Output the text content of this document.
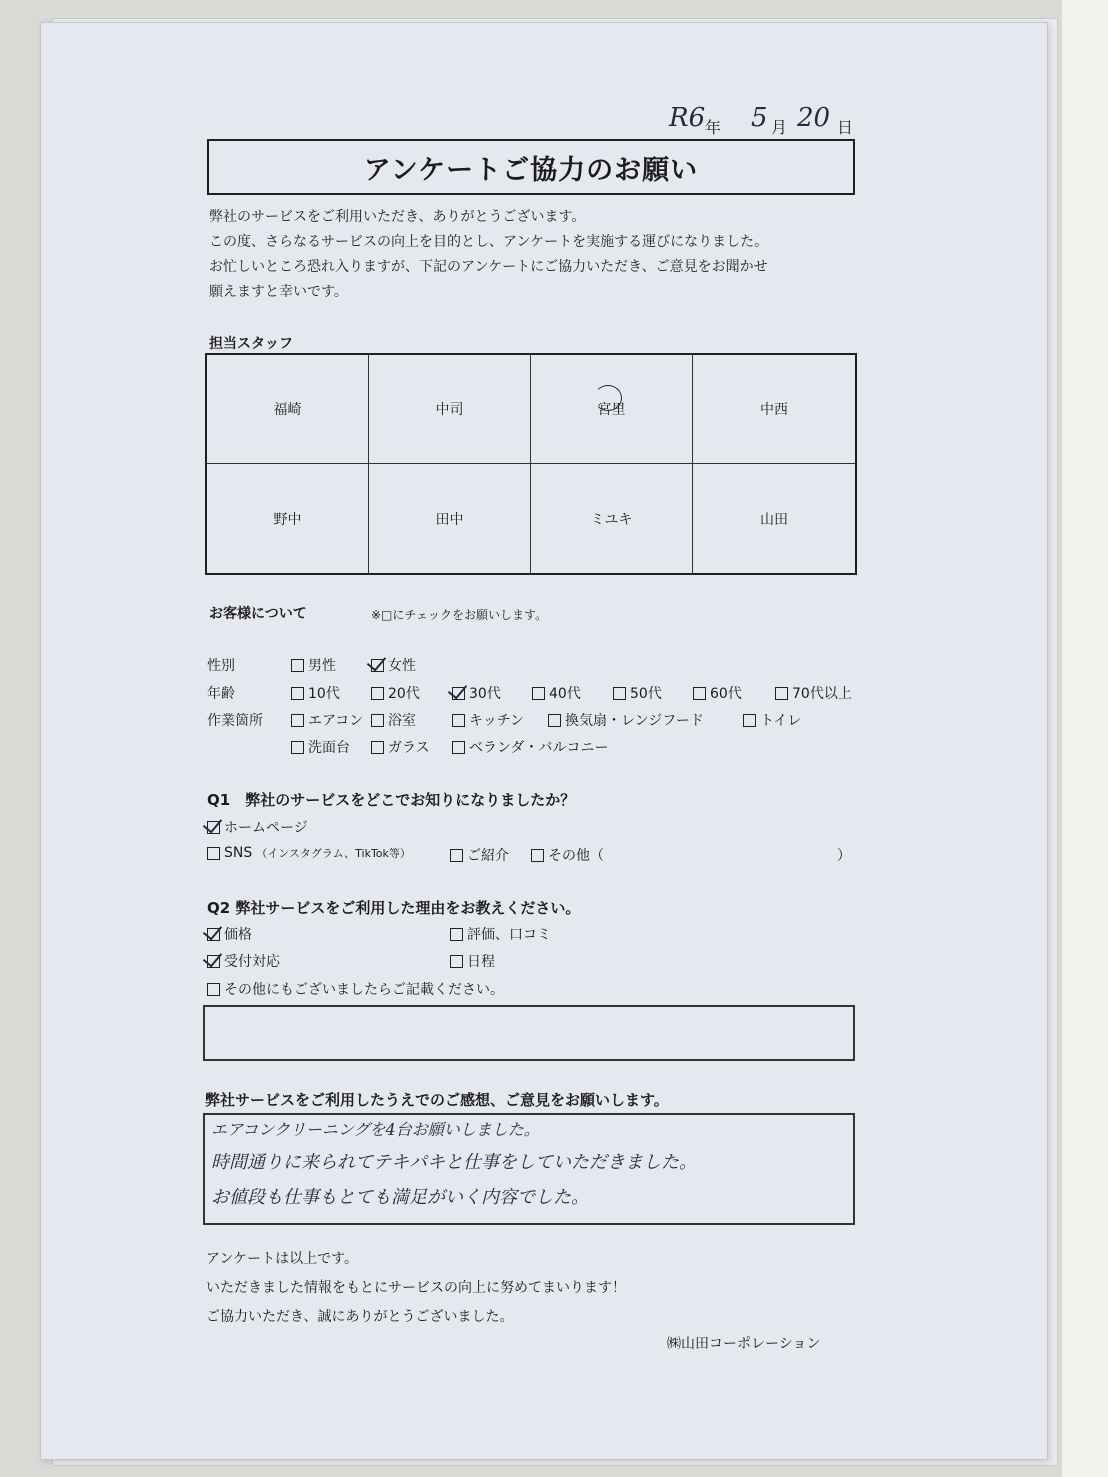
R6 年 5 月 20 日
アンケートご協力のお願い
弊社のサービスをご利用いただき、ありがとうございます。
この度、さらなるサービスの向上を目的とし、アンケートを実施する運びになりました。
お忙しいところ恐れ入りますが、下記のアンケートにご協力いただき、ご意見をお聞かせ
願えますと幸いです。
担当スタッフ
福崎	中司	宮里	中西
野中	田中	ミユキ	山田
お客様について	※□にチェックをお願いします。
性別	男性	女性
年齢	10代	20代	30代	40代	50代	60代	70代以上
作業箇所	エアコン 浴室	キッチン	換気扇・レンジフード	トイレ
洗面台	ガラス	ベランダ・バルコニー
Q1　弊社のサービスをどこでお知りになりましたか？
ホームページ
SNS （インスタグラム、TikTok等）	ご紹介	その他（	）
Q2 弊社サービスをご利用した理由をお教えください。
価格	評価、口コミ
受付対応	日程
その他にもございましたらご記載ください。
弊社サービスをご利用したうえでのご感想、ご意見をお願いします。
エアコンクリーニングを4台お願いしました。
時間通りに来られてテキパキと仕事をしていただきました。
お値段も仕事もとても満足がいく内容でした。
アンケートは以上です。
いただきました情報をもとにサービスの向上に努めてまいります！
ご協力いただき、誠にありがとうございました。
㈱山田コーポレーション
